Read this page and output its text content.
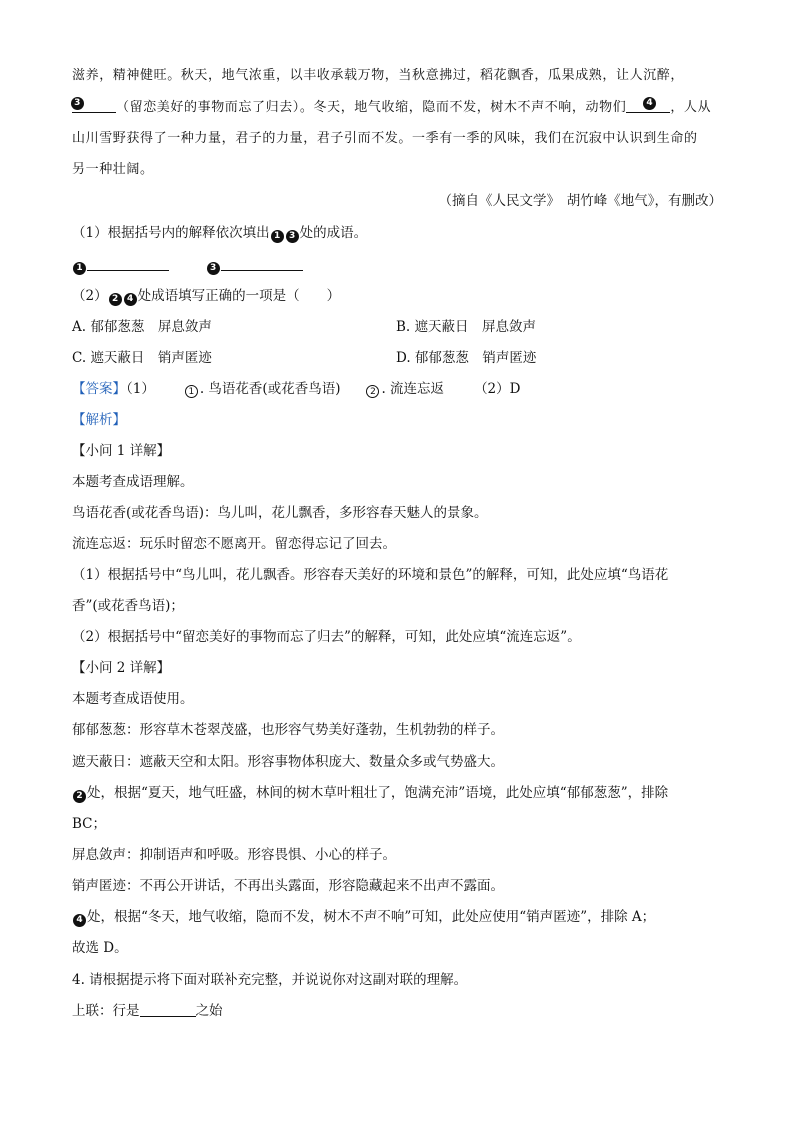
滋养，精神健旺。秋天，地气浓重，以丰收承载万物，当秋意拂过，稻花飘香，瓜果成熟，让人沉醉，
3	（留恋美好的事物而忘了归去）。冬天，地气收缩，隐而不发，树木不声不响，动物们	4 ，人从
山川雪野获得了一种力量，君子的力量，君子引而不发。一季有一季的风味，我们在沉寂中认识到生命的
另一种壮阔。
（摘自《人民文学》　胡竹峰《地气》，有删改）
（1）根据括号内的解释依次填出 1 3 处的成语。
1	3
（2） 2 4 处成语填写正确的一项是（　　）
A. 郁郁葱葱　屏息敛声	B. 遮天蔽日　屏息敛声
C. 遮天蔽日　销声匿迹	D. 郁郁葱葱　销声匿迹
【答案】（1）	1 . 鸟语花香(或花香鸟语)	2 . 流连忘返 （2）D
【解析】
【小问 1 详解】
本题考查成语理解。
鸟语花香(或花香鸟语)：鸟儿叫，花儿飘香，多形容春天魅人的景象。
流连忘返：玩乐时留恋不愿离开。留恋得忘记了回去。
（1）根据括号中“鸟儿叫，花儿飘香。形容春天美好的环境和景色”的解释，可知，此处应填“鸟语花
香”(或花香鸟语)；
（2）根据括号中“留恋美好的事物而忘了归去”的解释，可知，此处应填“流连忘返”。
【小问 2 详解】
本题考查成语使用。
郁郁葱葱：形容草木苍翠茂盛，也形容气势美好蓬勃，生机勃勃的样子。
遮天蔽日：遮蔽天空和太阳。形容事物体积庞大、数量众多或气势盛大。
2 处，根据“夏天，地气旺盛，林间的树木草叶粗壮了，饱满充沛”语境，此处应填“郁郁葱葱”，排除
BC；
屏息敛声：抑制语声和呼吸。形容畏惧、小心的样子。
销声匿迹：不再公开讲话，不再出头露面，形容隐藏起来不出声不露面。
4 处，根据“冬天，地气收缩，隐而不发，树木不声不响”可知，此处应使用“销声匿迹”，排除 A；
故选 D。
4. 请根据提示将下面对联补充完整，并说说你对这副对联的理解。
上联：行是	之始
